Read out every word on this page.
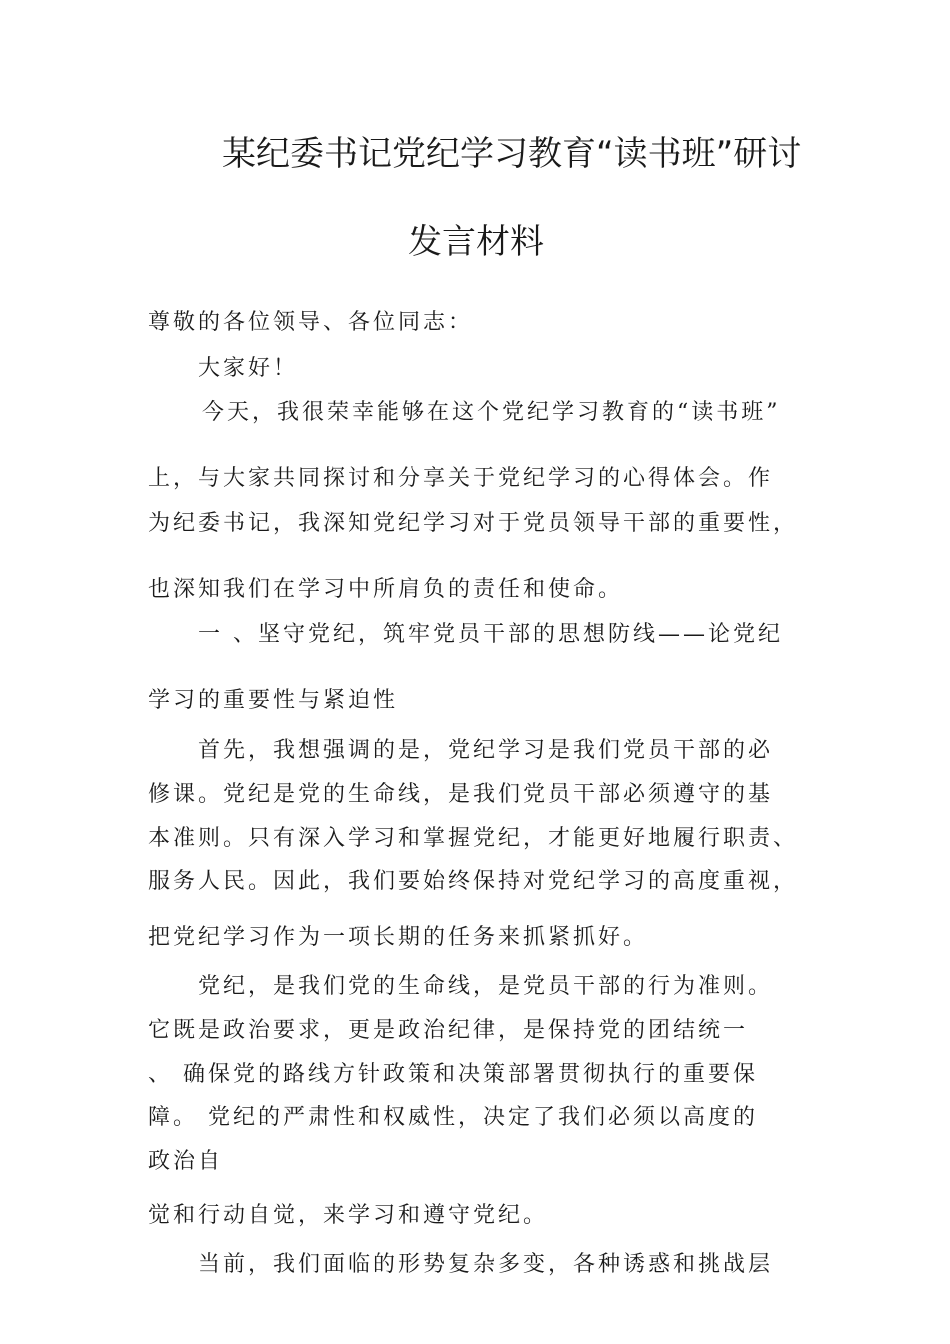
某纪委书记党纪学习教育“读书班”研讨
发言材料

尊敬的各位领导、各位同志：

大家好！

今天，我很荣幸能够在这个党纪学习教育的“读书班”

上，与大家共同探讨和分享关于党纪学习的心得体会。作

为纪委书记，我深知党纪学习对于党员领导干部的重要性，

也深知我们在学习中所肩负的责任和使命。

一 、坚守党纪，筑牢党员干部的思想防线——论党纪

学习的重要性与紧迫性

首先，我想强调的是，党纪学习是我们党员干部的必

修课。党纪是党的生命线，是我们党员干部必须遵守的基

本准则。只有深入学习和掌握党纪，才能更好地履行职责、

服务人民。因此，我们要始终保持对党纪学习的高度重视，

把党纪学习作为一项长期的任务来抓紧抓好。

党纪，是我们党的生命线，是党员干部的行为准则。

它既是政治要求，更是政治纪律，是保持党的团结统一

、 确保党的路线方针政策和决策部署贯彻执行的重要保

障。 党纪的严肃性和权威性，决定了我们必须以高度的

政治自

觉和行动自觉，来学习和遵守党纪。

当前，我们面临的形势复杂多变，各种诱惑和挑战层
